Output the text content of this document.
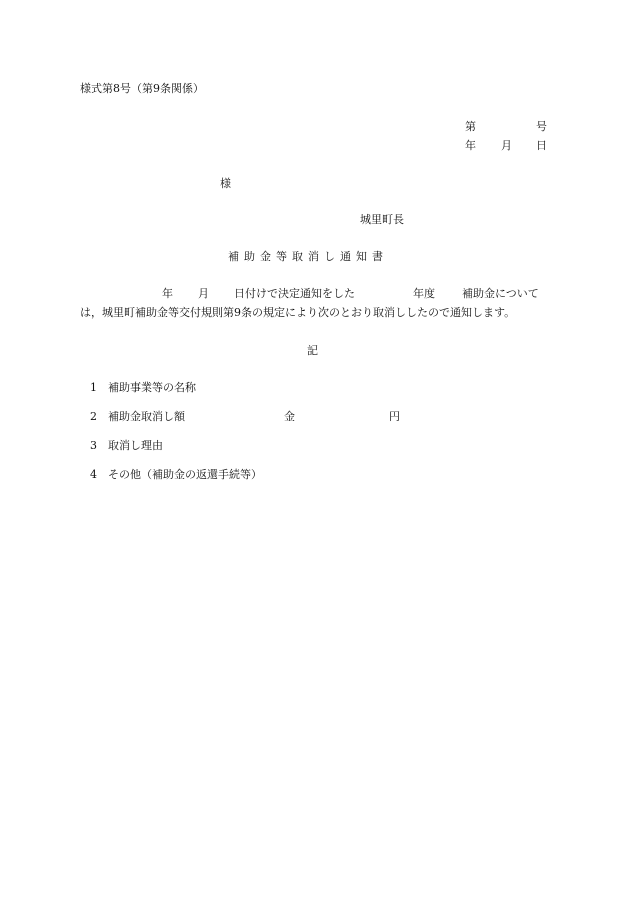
様式第8号（第9条関係）
第	号
年 月 日
様
城里町長
補助金等取消し通知書
年 月 日付けで決定通知をした	年度 補助金について
は，城里町補助金等交付規則第9条の規定により次のとおり取消ししたので通知します。
記
1 補助事業等の名称
2 補助金取消し額	金	円
3 取消し理由
4 その他（補助金の返還手続等）
